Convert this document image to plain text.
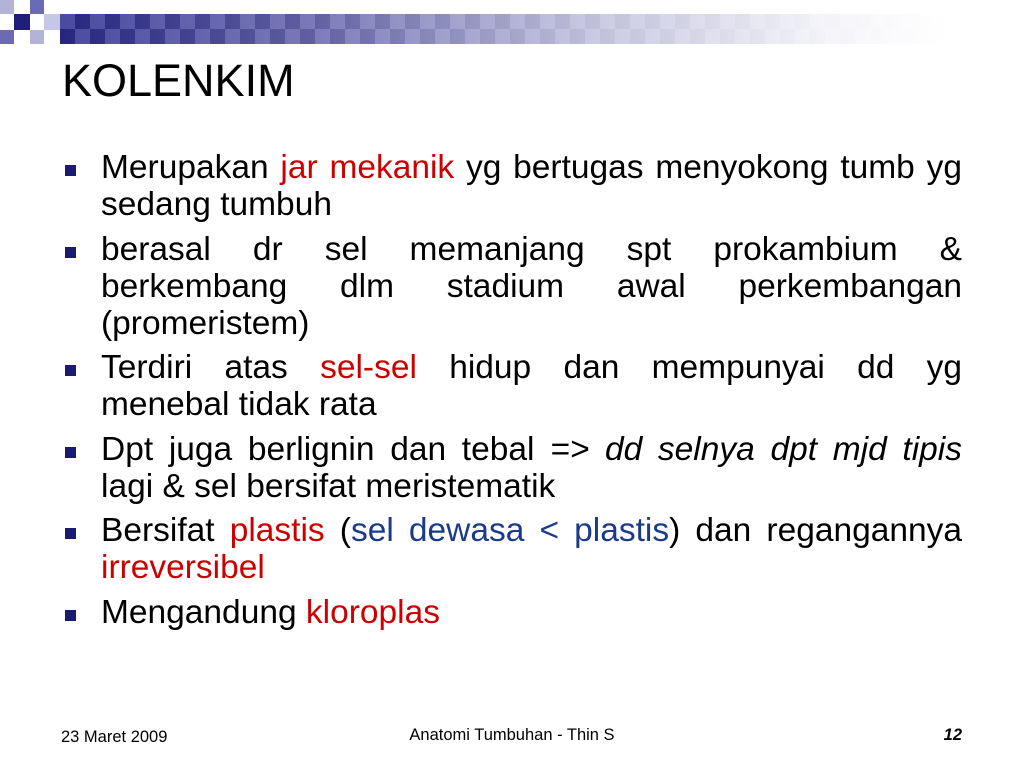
KOLENKIM
Merupakan jar mekanik yg bertugas menyokong tumb yg
sedang tumbuh
berasal dr sel memanjang spt prokambium &
berkembang dlm stadium awal perkembangan
(promeristem)
Terdiri atas sel-sel hidup dan mempunyai dd yg
menebal tidak rata
Dpt juga berlignin dan tebal => dd selnya dpt mjd tipis
lagi & sel bersifat meristematik
Bersifat plastis (sel dewasa < plastis) dan regangannya
irreversibel
Mengandung kloroplas
23 Maret 2009	Anatomi Tumbuhan - Thin S	12
